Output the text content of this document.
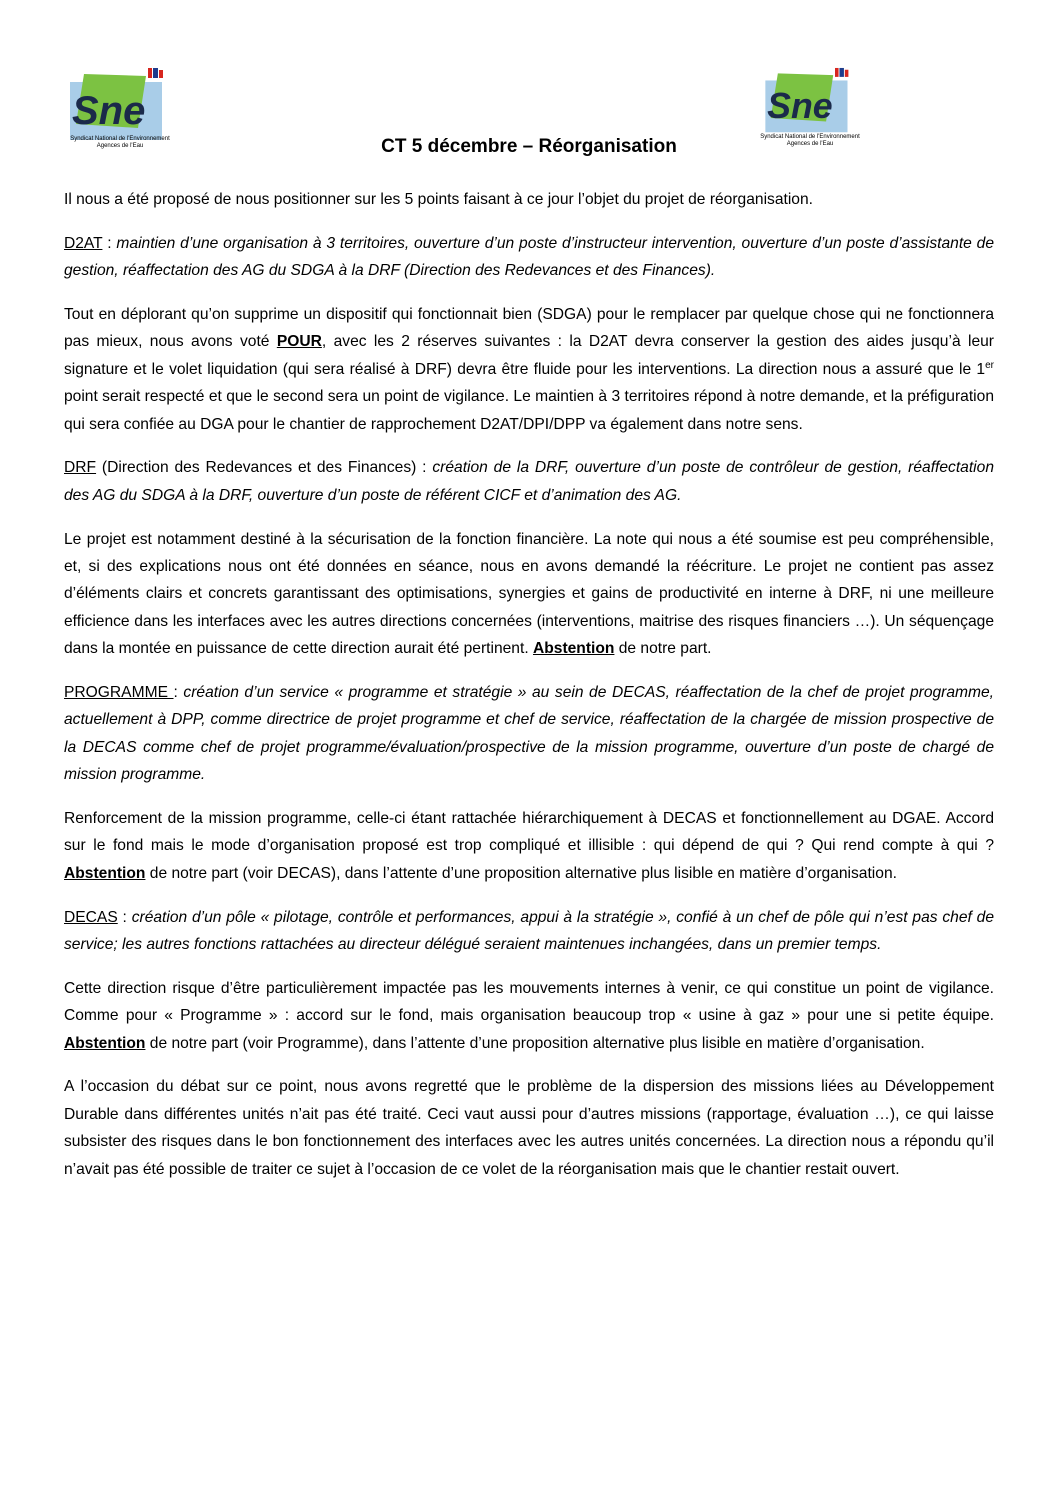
Sne
Syndicat National de l'Environnement
Agences de l'Eau
Sne
Syndicat National de l'Environnement
Agences de l'Eau
CT 5 décembre – Réorganisation

Il nous a été proposé de nous positionner sur les 5 points faisant à ce jour l’objet du projet de réorganisation.

D2AT : maintien d’une organisation à 3 territoires, ouverture d’un poste d’instructeur intervention, ouverture d’un poste d’assistante de gestion, réaffectation des AG du SDGA à la DRF (Direction des Redevances et des Finances).

Tout en déplorant qu’on supprime un dispositif qui fonctionnait bien (SDGA) pour le remplacer par quelque chose qui ne fonctionnera pas mieux, nous avons voté POUR, avec les 2 réserves suivantes : la D2AT devra conserver la gestion des aides jusqu’à leur signature et le volet liquidation (qui sera réalisé à DRF) devra être fluide pour les interventions. La direction nous a assuré que le 1er point serait respecté et que le second sera un point de vigilance. Le maintien à 3 territoires répond à notre demande, et la préfiguration qui sera confiée au DGA pour le chantier de rapprochement D2AT/DPI/DPP va également dans notre sens.

DRF (Direction des Redevances et des Finances) : création de la DRF, ouverture d’un poste de contrôleur de gestion, réaffectation des AG du SDGA à la DRF, ouverture d’un poste de référent CICF et d’animation des AG.

Le projet est notamment destiné à la sécurisation de la fonction financière. La note qui nous a été soumise est peu compréhensible, et, si des explications nous ont été données en séance, nous en avons demandé la réécriture. Le projet ne contient pas assez d’éléments clairs et concrets garantissant des optimisations, synergies et gains de productivité en interne à DRF, ni une meilleure efficience dans les interfaces avec les autres directions concernées (interventions, maitrise des risques financiers …). Un séquençage dans la montée en puissance de cette direction aurait été pertinent. Abstention de notre part.

PROGRAMME : création d’un service « programme et stratégie » au sein de DECAS, réaffectation de la chef de projet programme, actuellement à DPP, comme directrice de projet programme et chef de service, réaffectation de la chargée de mission prospective de la DECAS comme chef de projet programme/évaluation/prospective de la mission programme, ouverture d’un poste de chargé de mission programme.

Renforcement de la mission programme, celle-ci étant rattachée hiérarchiquement à DECAS et fonctionnellement au DGAE. Accord sur le fond mais le mode d’organisation proposé est trop compliqué et illisible : qui dépend de qui ? Qui rend compte à qui ? Abstention de notre part (voir DECAS), dans l’attente d’une proposition alternative plus lisible en matière d’organisation.

DECAS : création d’un pôle « pilotage, contrôle et performances, appui à la stratégie », confié à un chef de pôle qui n’est pas chef de service; les autres fonctions rattachées au directeur délégué seraient maintenues inchangées, dans un premier temps.

Cette direction risque d’être particulièrement impactée pas les mouvements internes à venir, ce qui constitue un point de vigilance. Comme pour « Programme » : accord sur le fond, mais organisation beaucoup trop « usine à gaz » pour une si petite équipe. Abstention de notre part (voir Programme), dans l’attente d’une proposition alternative plus lisible en matière d’organisation.

A l’occasion du débat sur ce point, nous avons regretté que le problème de la dispersion des missions liées au Développement Durable dans différentes unités n’ait pas été traité. Ceci vaut aussi pour d’autres missions (rapportage, évaluation …), ce qui laisse subsister des risques dans le bon fonctionnement des interfaces avec les autres unités concernées. La direction nous a répondu qu’il n’avait pas été possible de traiter ce sujet à l’occasion de ce volet de la réorganisation mais que le chantier restait ouvert.
